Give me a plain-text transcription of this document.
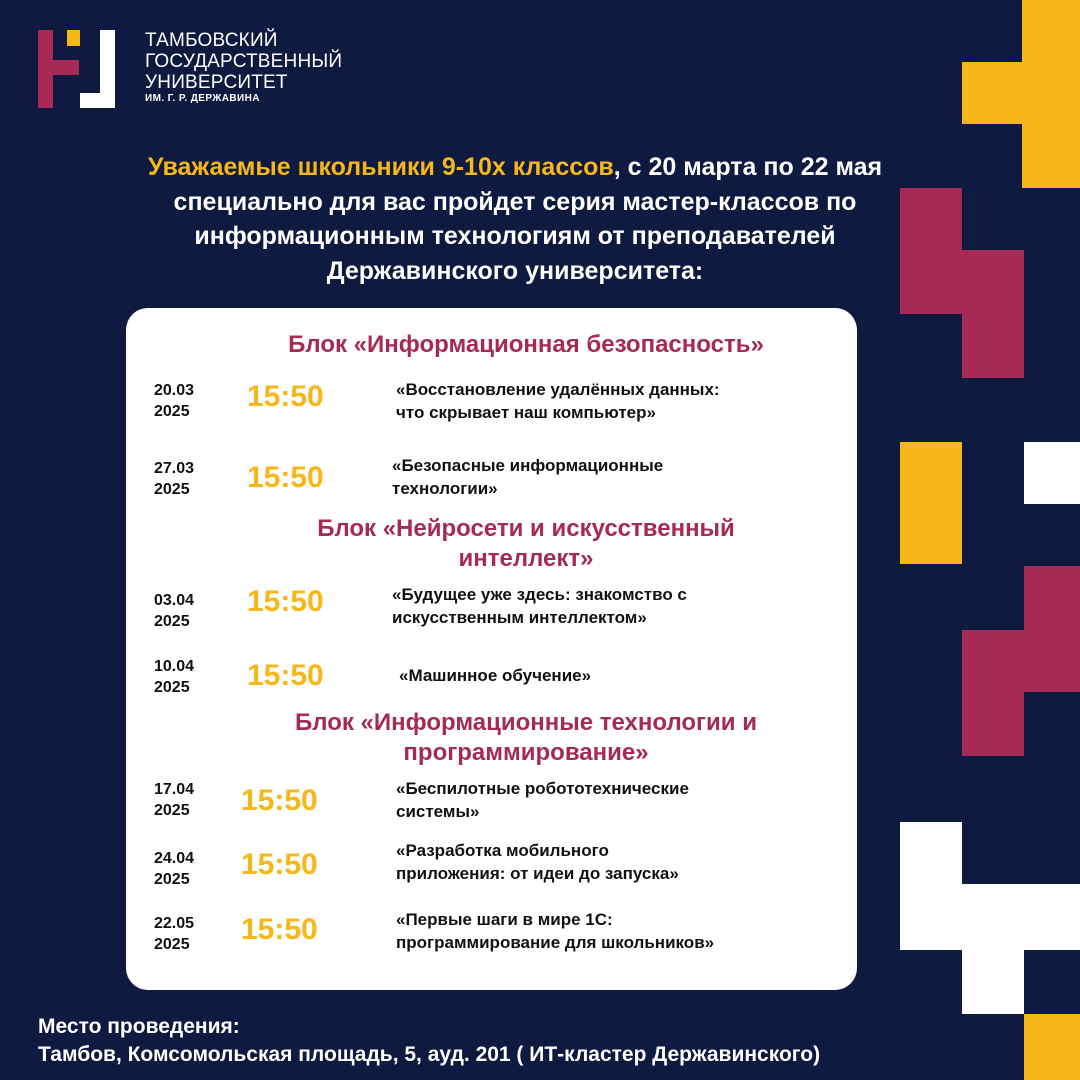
ТАМБОВСКИЙ
ГОСУДАРСТВЕННЫЙ
УНИВЕРСИТЕТ
ИМ. Г. Р. ДЕРЖАВИНА
Уважаемые школьники 9-10х классов, с 20 марта по 22 мая специально для вас пройдет серия мастер-классов по информационным технологиям от преподавателей Державинского университета:
Блок «Информационная безопасность»
20.03
2025 15:50	«Восстановление удалённых данных:
что скрывает наш компьютер»
27.03
2025 15:50	«Безопасные информационные
технологии»
Блок «Нейросети и искусственный
интеллект»
03.04
2025
15:50	«Будущее уже здесь: знакомство с
искусственным интеллектом»
10.04
2025 15:50	«Машинное обучение»
Блок «Информационные технологии и
программирование»
17.04
2025 15:50	«Беспилотные робототехнические
системы»
24.04
2025 15:50	«Разработка мобильного
приложения: от идеи до запуска»
22.05
2025 15:50	«Первые шаги в мире 1С:
программирование для школьников»
Место проведения:
Тамбов, Комсомольская площадь, 5, ауд. 201 ( ИТ-кластер Державинского)
